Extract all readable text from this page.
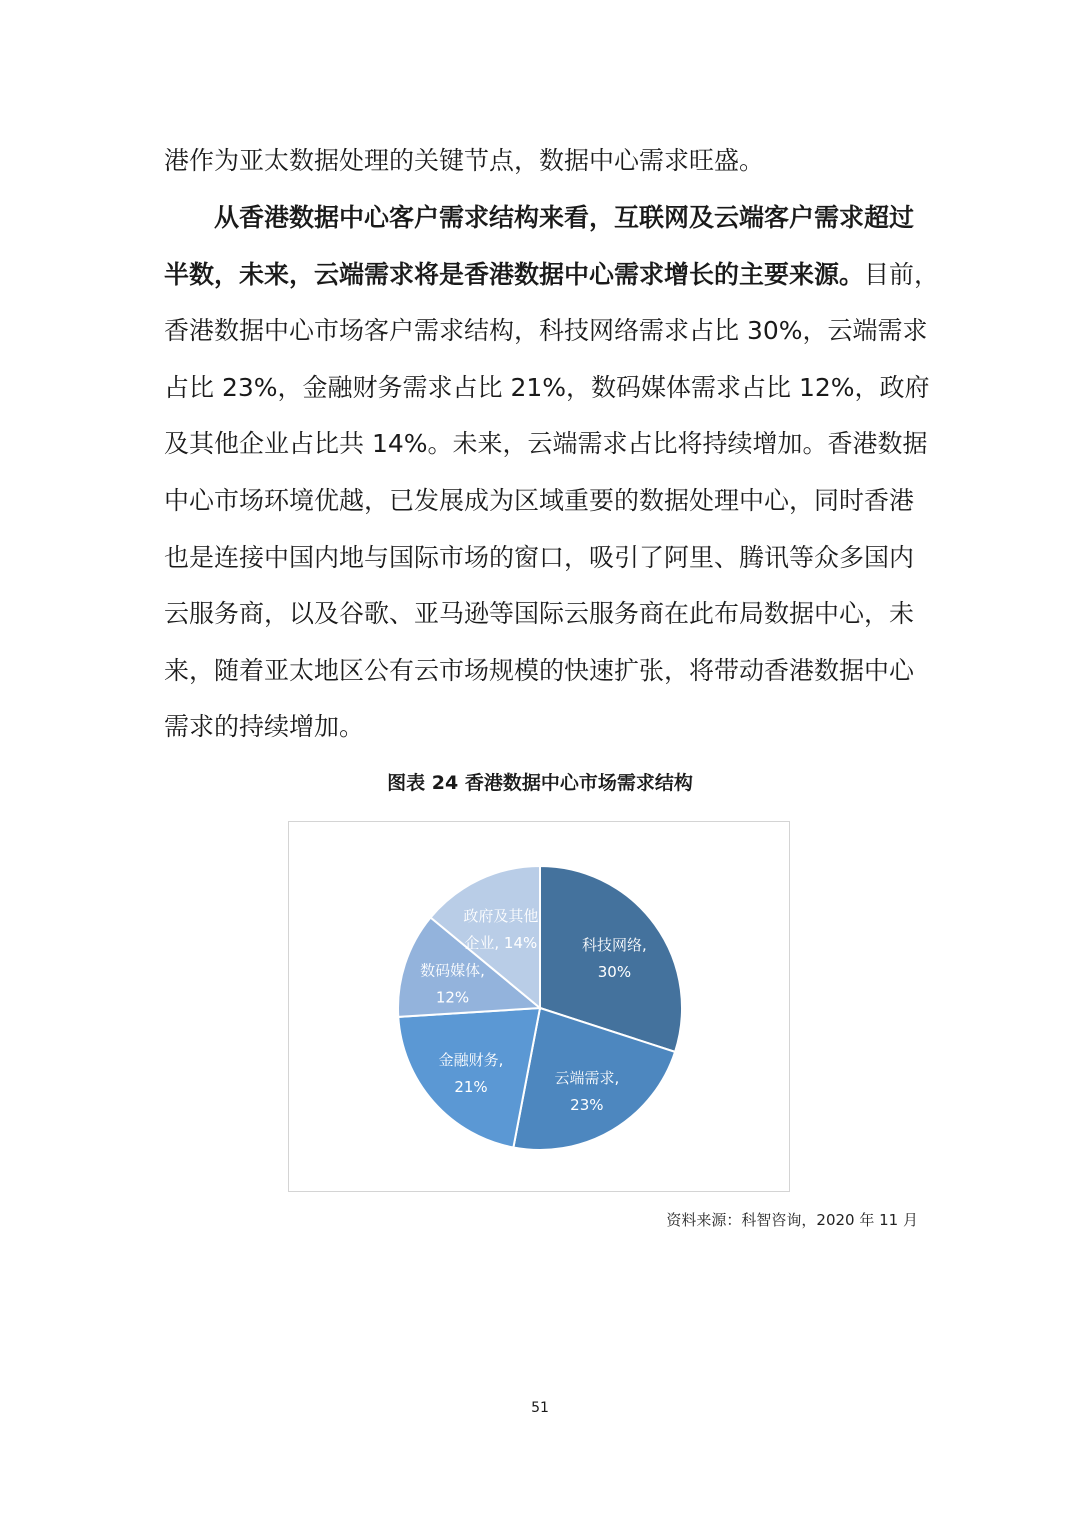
港作为亚太数据处理的关键节点，数据中心需求旺盛。
从香港数据中心客户需求结构来看，互联网及云端客户需求超过
半数，未来，云端需求将是香港数据中心需求增长的主要来源。目前，
香港数据中心市场客户需求结构，科技网络需求占比 30%，云端需求
占比 23%，金融财务需求占比 21%，数码媒体需求占比 12%，政府
及其他企业占比共 14%。未来，云端需求占比将持续增加。香港数据
中心市场环境优越，已发展成为区域重要的数据处理中心，同时香港
也是连接中国内地与国际市场的窗口，吸引了阿里、腾讯等众多国内
云服务商，以及谷歌、亚马逊等国际云服务商在此布局数据中心，未
来，随着亚太地区公有云市场规模的快速扩张，将带动香港数据中心
需求的持续增加。
图表 24 香港数据中心市场需求结构
科技网络, 30%
云端需求, 23%
金融财务, 21%
数码媒体, 12%
政府及其他企业, 14%
资料来源：科智咨询，2020 年 11 月
51
